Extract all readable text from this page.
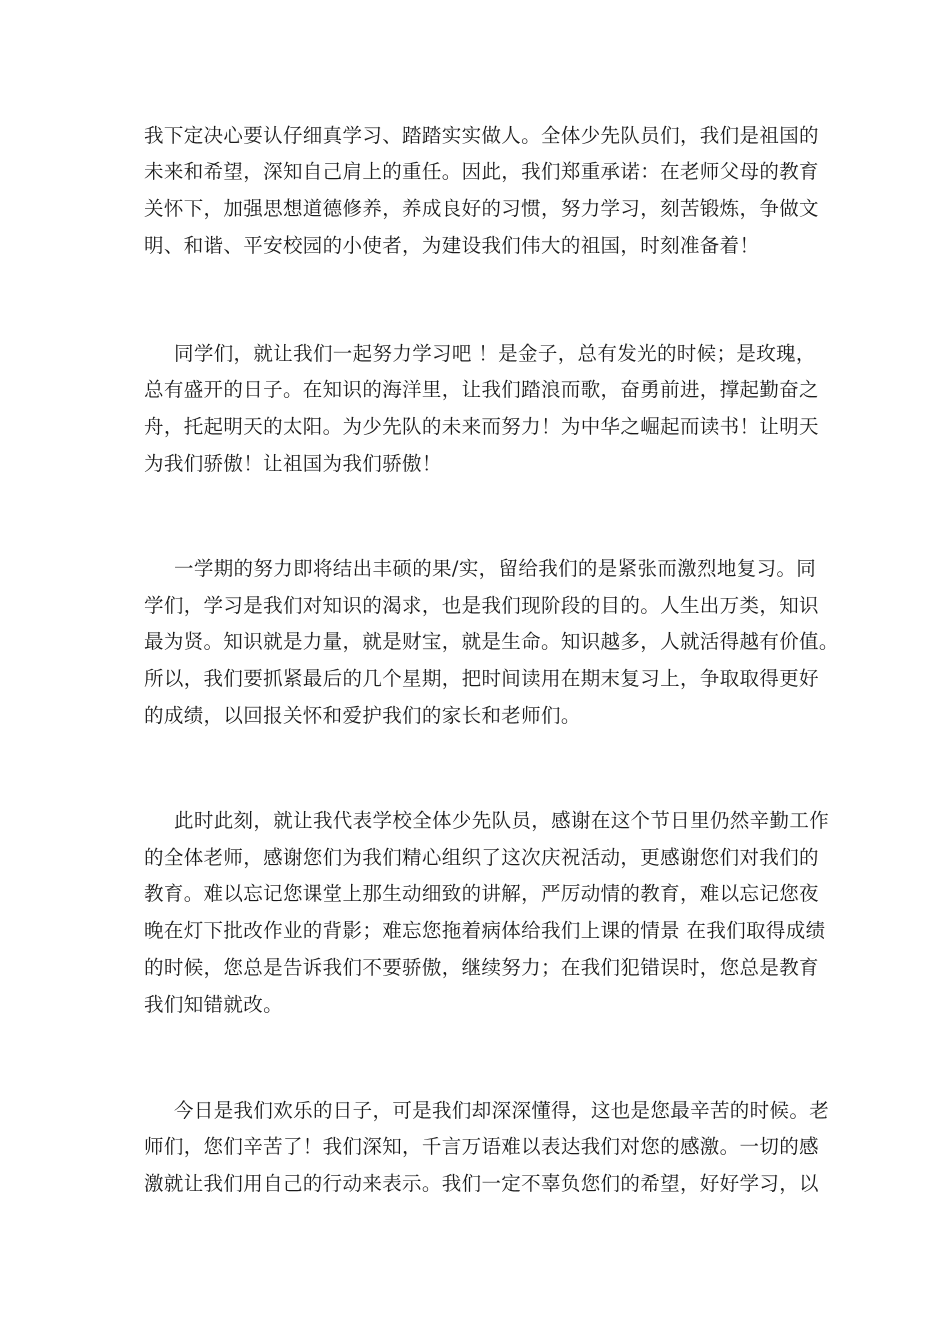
我下定决心要认仔细真学习、踏踏实实做人。全体少先队员们，我们是祖国的
未来和希望，深知自己肩上的重任。因此，我们郑重承诺：在老师父母的教育
关怀下，加强思想道德修养，养成良好的习惯，努力学习，刻苦锻炼，争做文
明、和谐、平安校园的小使者，为建设我们伟大的祖国，时刻准备着！
同学们，就让我们一起努力学习吧 ！是金子，总有发光的时候；是玫瑰，
总有盛开的日子。在知识的海洋里，让我们踏浪而歌，奋勇前进，撑起勤奋之
舟，托起明天的太阳。为少先队的未来而努力！为中华之崛起而读书！让明天
为我们骄傲！让祖国为我们骄傲！
一学期的努力即将结出丰硕的果/实，留给我们的是紧张而激烈地复习。同
学们，学习是我们对知识的渴求，也是我们现阶段的目的。人生出万类，知识
最为贤。知识就是力量，就是财宝，就是生命。知识越多，人就活得越有价值。
所以，我们要抓紧最后的几个星期，把时间读用在期末复习上，争取取得更好
的成绩，以回报关怀和爱护我们的家长和老师们。
此时此刻，就让我代表学校全体少先队员，感谢在这个节日里仍然辛勤工作
的全体老师，感谢您们为我们精心组织了这次庆祝活动，更感谢您们对我们的
教育。难以忘记您课堂上那生动细致的讲解，严厉动情的教育，难以忘记您夜
晚在灯下批改作业的背影；难忘您拖着病体给我们上课的情景 在我们取得成绩
的时候，您总是告诉我们不要骄傲，继续努力；在我们犯错误时，您总是教育
我们知错就改。
今日是我们欢乐的日子，可是我们却深深懂得，这也是您最辛苦的时候。老
师们，您们辛苦了！我们深知，千言万语难以表达我们对您的感激。一切的感
激就让我们用自己的行动来表示。我们一定不辜负您们的希望，好好学习，以
